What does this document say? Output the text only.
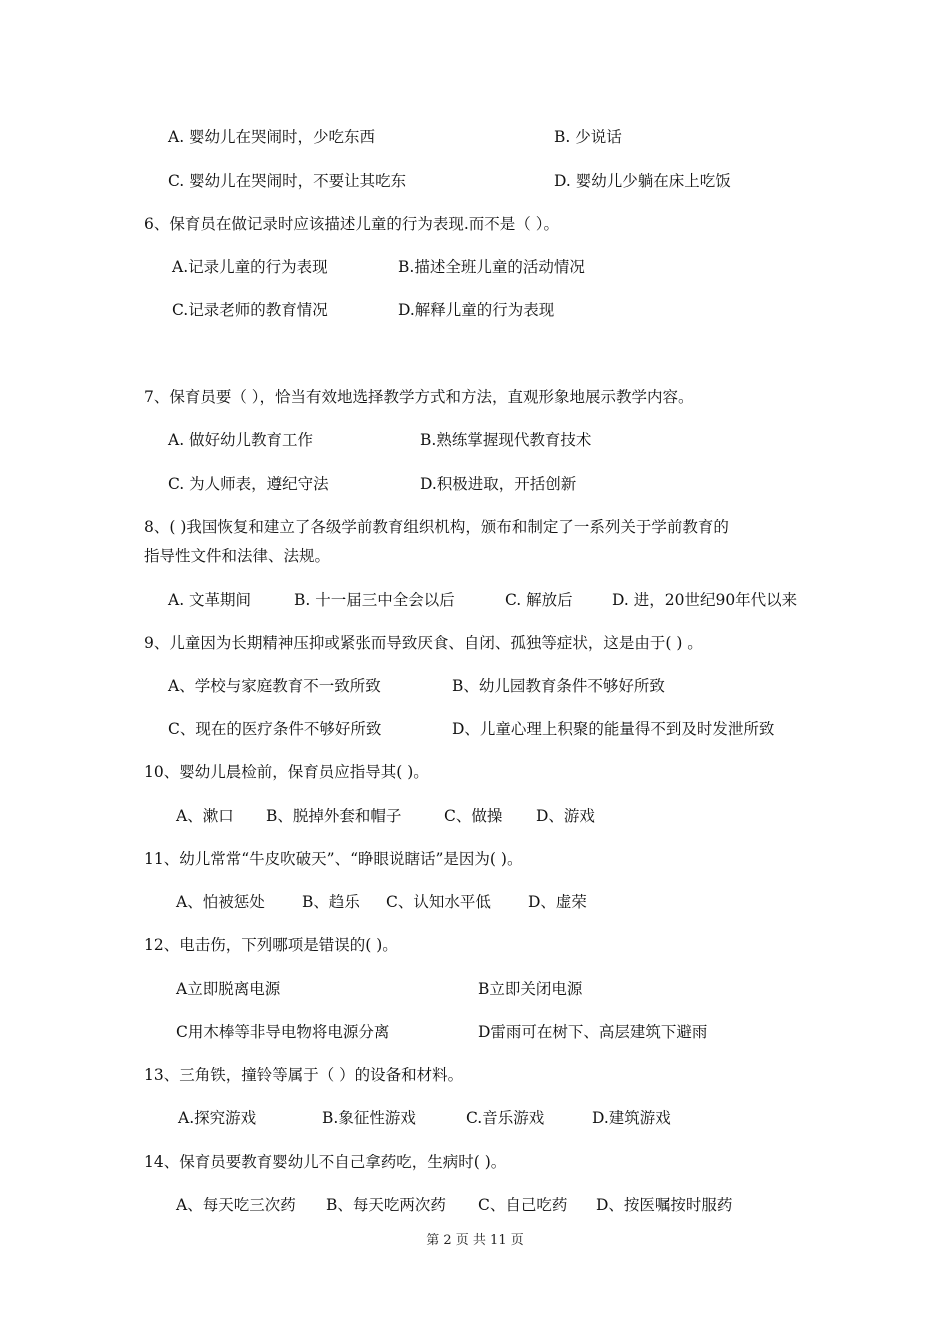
A. 婴幼儿在哭闹时，少吃东西	B. 少说话
C. 婴幼儿在哭闹时，不要让其吃东	D. 婴幼儿少躺在床上吃饭
6、保育员在做记录时应该描述儿童的行为表现.而不是（ ）。
A.记录儿童的行为表现	B.描述全班儿童的活动情况
C.记录老师的教育情况	D.解释儿童的行为表现
7、保育员要（ ），恰当有效地选择教学方式和方法，直观形象地展示教学内容。
A. 做好幼儿教育工作	B.熟练掌握现代教育技术
C. 为人师表，遵纪守法	D.积极进取，开括创新
8、( )我国恢复和建立了各级学前教育组织机构，颁布和制定了一系列关于学前教育的
指导性文件和法律、法规。
A. 文革期间	B. 十一届三中全会以后	C. 解放后	D. 进，20世纪90年代以来
9、儿童因为长期精神压抑或紧张而导致厌食、自闭、孤独等症状，这是由于( ) 。
A、学校与家庭教育不一致所致	B、幼儿园教育条件不够好所致
C、现在的医疗条件不够好所致	D、儿童心理上积聚的能量得不到及时发泄所致
10、婴幼儿晨检前，保育员应指导其( )。
A、漱口 B、脱掉外套和帽子	C、做操 D、游戏
11、幼儿常常“牛皮吹破天”、“睁眼说瞎话”是因为( )。
A、怕被惩处 B、趋乐 C、认知水平低 D、虚荣
12、电击伤，下列哪项是错误的( )。
A立即脱离电源	B立即关闭电源
C用木棒等非导电物将电源分离	D雷雨可在树下、高层建筑下避雨
13、三角铁，撞铃等属于（ ）的设备和材料。
A.探究游戏	B.象征性游戏	C.音乐游戏	D.建筑游戏
14、保育员要教育婴幼儿不自己拿药吃，生病时( )。
A、每天吃三次药 B、每天吃两次药 C、自己吃药 D、按医嘱按时服药
第 2 页 共 11 页
